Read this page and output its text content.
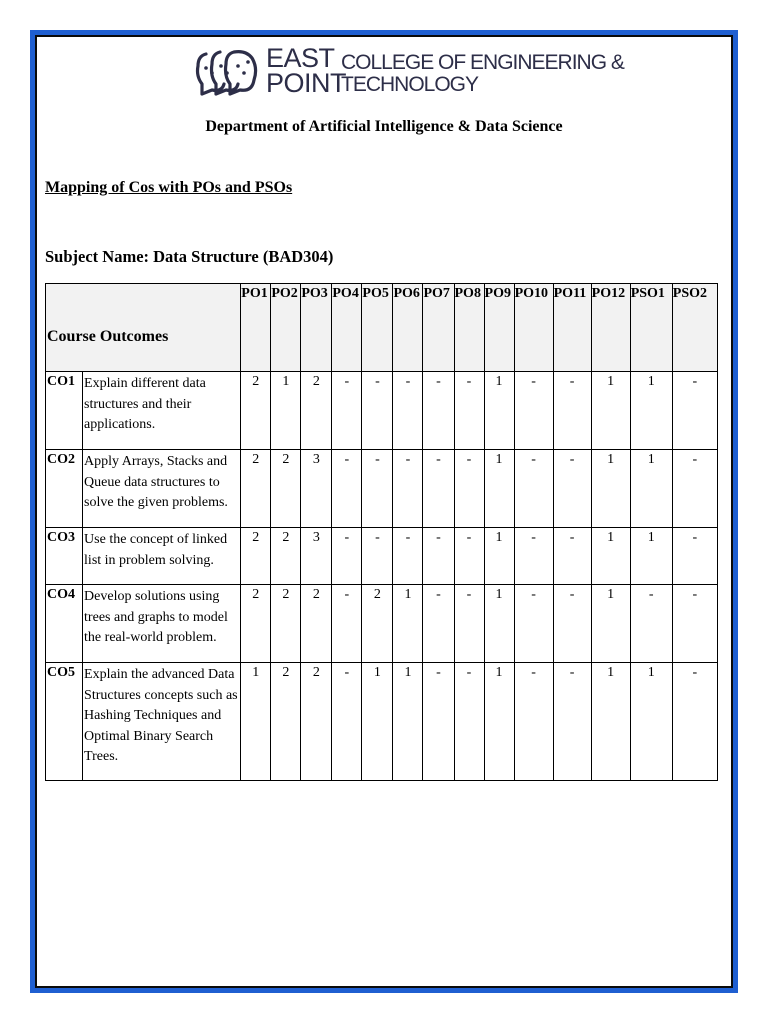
EAST
POINT
COLLEGE OF ENGINEERING &
TECHNOLOGY
Department of Artificial Intelligence & Data Science
Mapping of Cos with POs and PSOs
Subject Name: Data Structure (BAD304)
Course Outcomes		PO1	PO2	PO3	PO4	PO5	PO6	PO7	PO8	PO9	PO10	PO11	PO12	PSO1	PSO2
CO1	Explain different data structures and their applications.	2	1	2	-	-	-	-	-	1	-	-	1	1	-
CO2	Apply Arrays, Stacks and Queue data structures to solve the given problems.	2	2	3	-	-	-	-	-	1	-	-	1	1	-
CO3	Use the concept of linked list in problem solving.	2	2	3	-	-	-	-	-	1	-	-	1	1	-
CO4	Develop solutions using trees and graphs to model the real-world problem.	2	2	2	-	2	1	-	-	1	-	-	1	-	-
CO5	Explain the advanced Data Structures concepts such as Hashing Techniques and Optimal Binary Search Trees.	1	2	2	-	1	1	-	-	1	-	-	1	1	-
